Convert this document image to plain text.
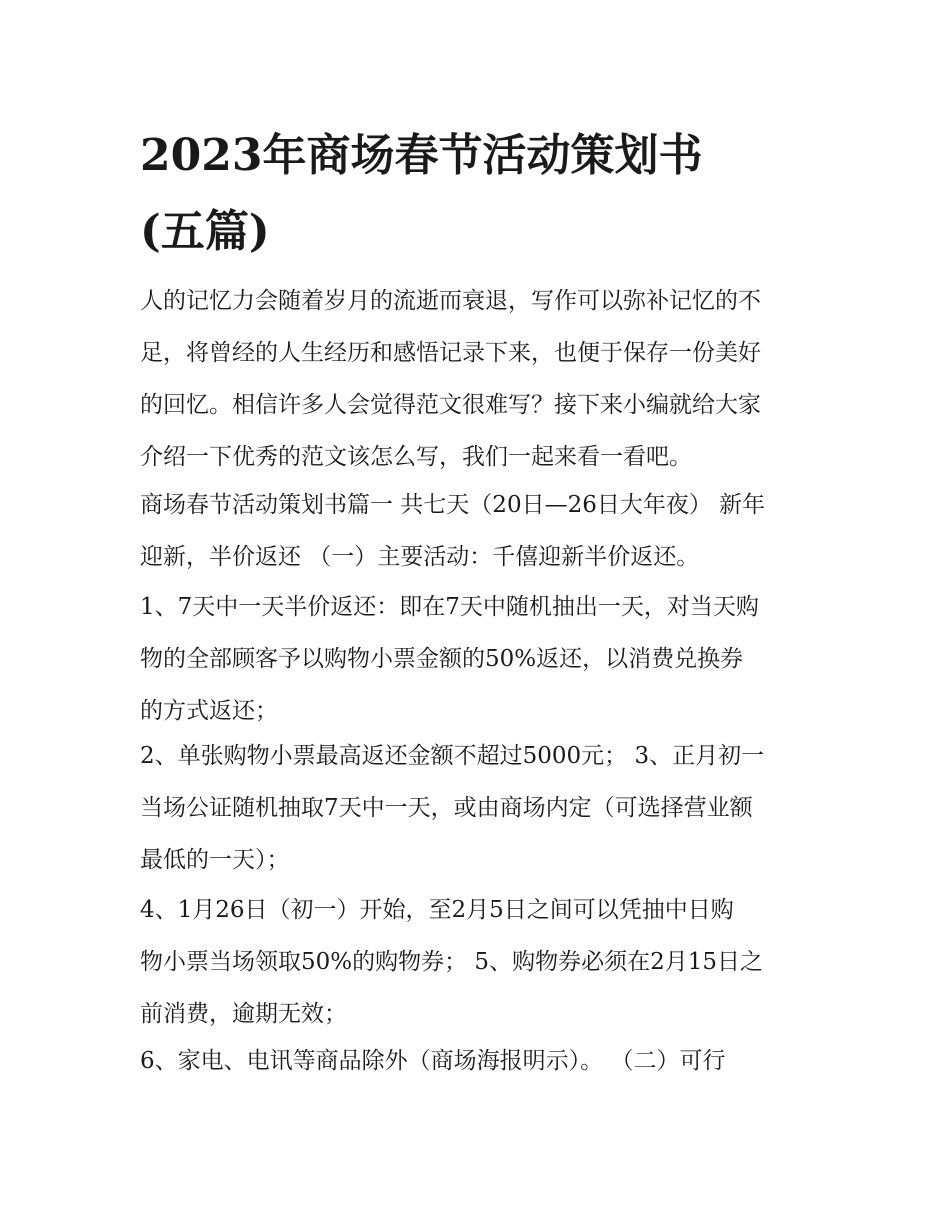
2023年商场春节活动策划书
(五篇)
人的记忆力会随着岁月的流逝而衰退，写作可以弥补记忆的不
足，将曾经的人生经历和感悟记录下来，也便于保存一份美好
的回忆。相信许多人会觉得范文很难写？接下来小编就给大家
介绍一下优秀的范文该怎么写，我们一起来看一看吧。
商场春节活动策划书篇一 共七天（20日—26日大年夜） 新年
迎新，半价返还 （一）主要活动：千僖迎新半价返还。
1、7天中一天半价返还：即在7天中随机抽出一天，对当天购
物的全部顾客予以购物小票金额的50%返还，以消费兑换券
的方式返还；
2、单张购物小票最高返还金额不超过5000元； 3、正月初一
当场公证随机抽取7天中一天，或由商场内定（可选择营业额
最低的一天）；
4、1月26日（初一）开始，至2月5日之间可以凭抽中日购
物小票当场领取50%的购物券； 5、购物券必须在2月15日之
前消费，逾期无效；
6、家电、电讯等商品除外（商场海报明示）。 （二）可行
